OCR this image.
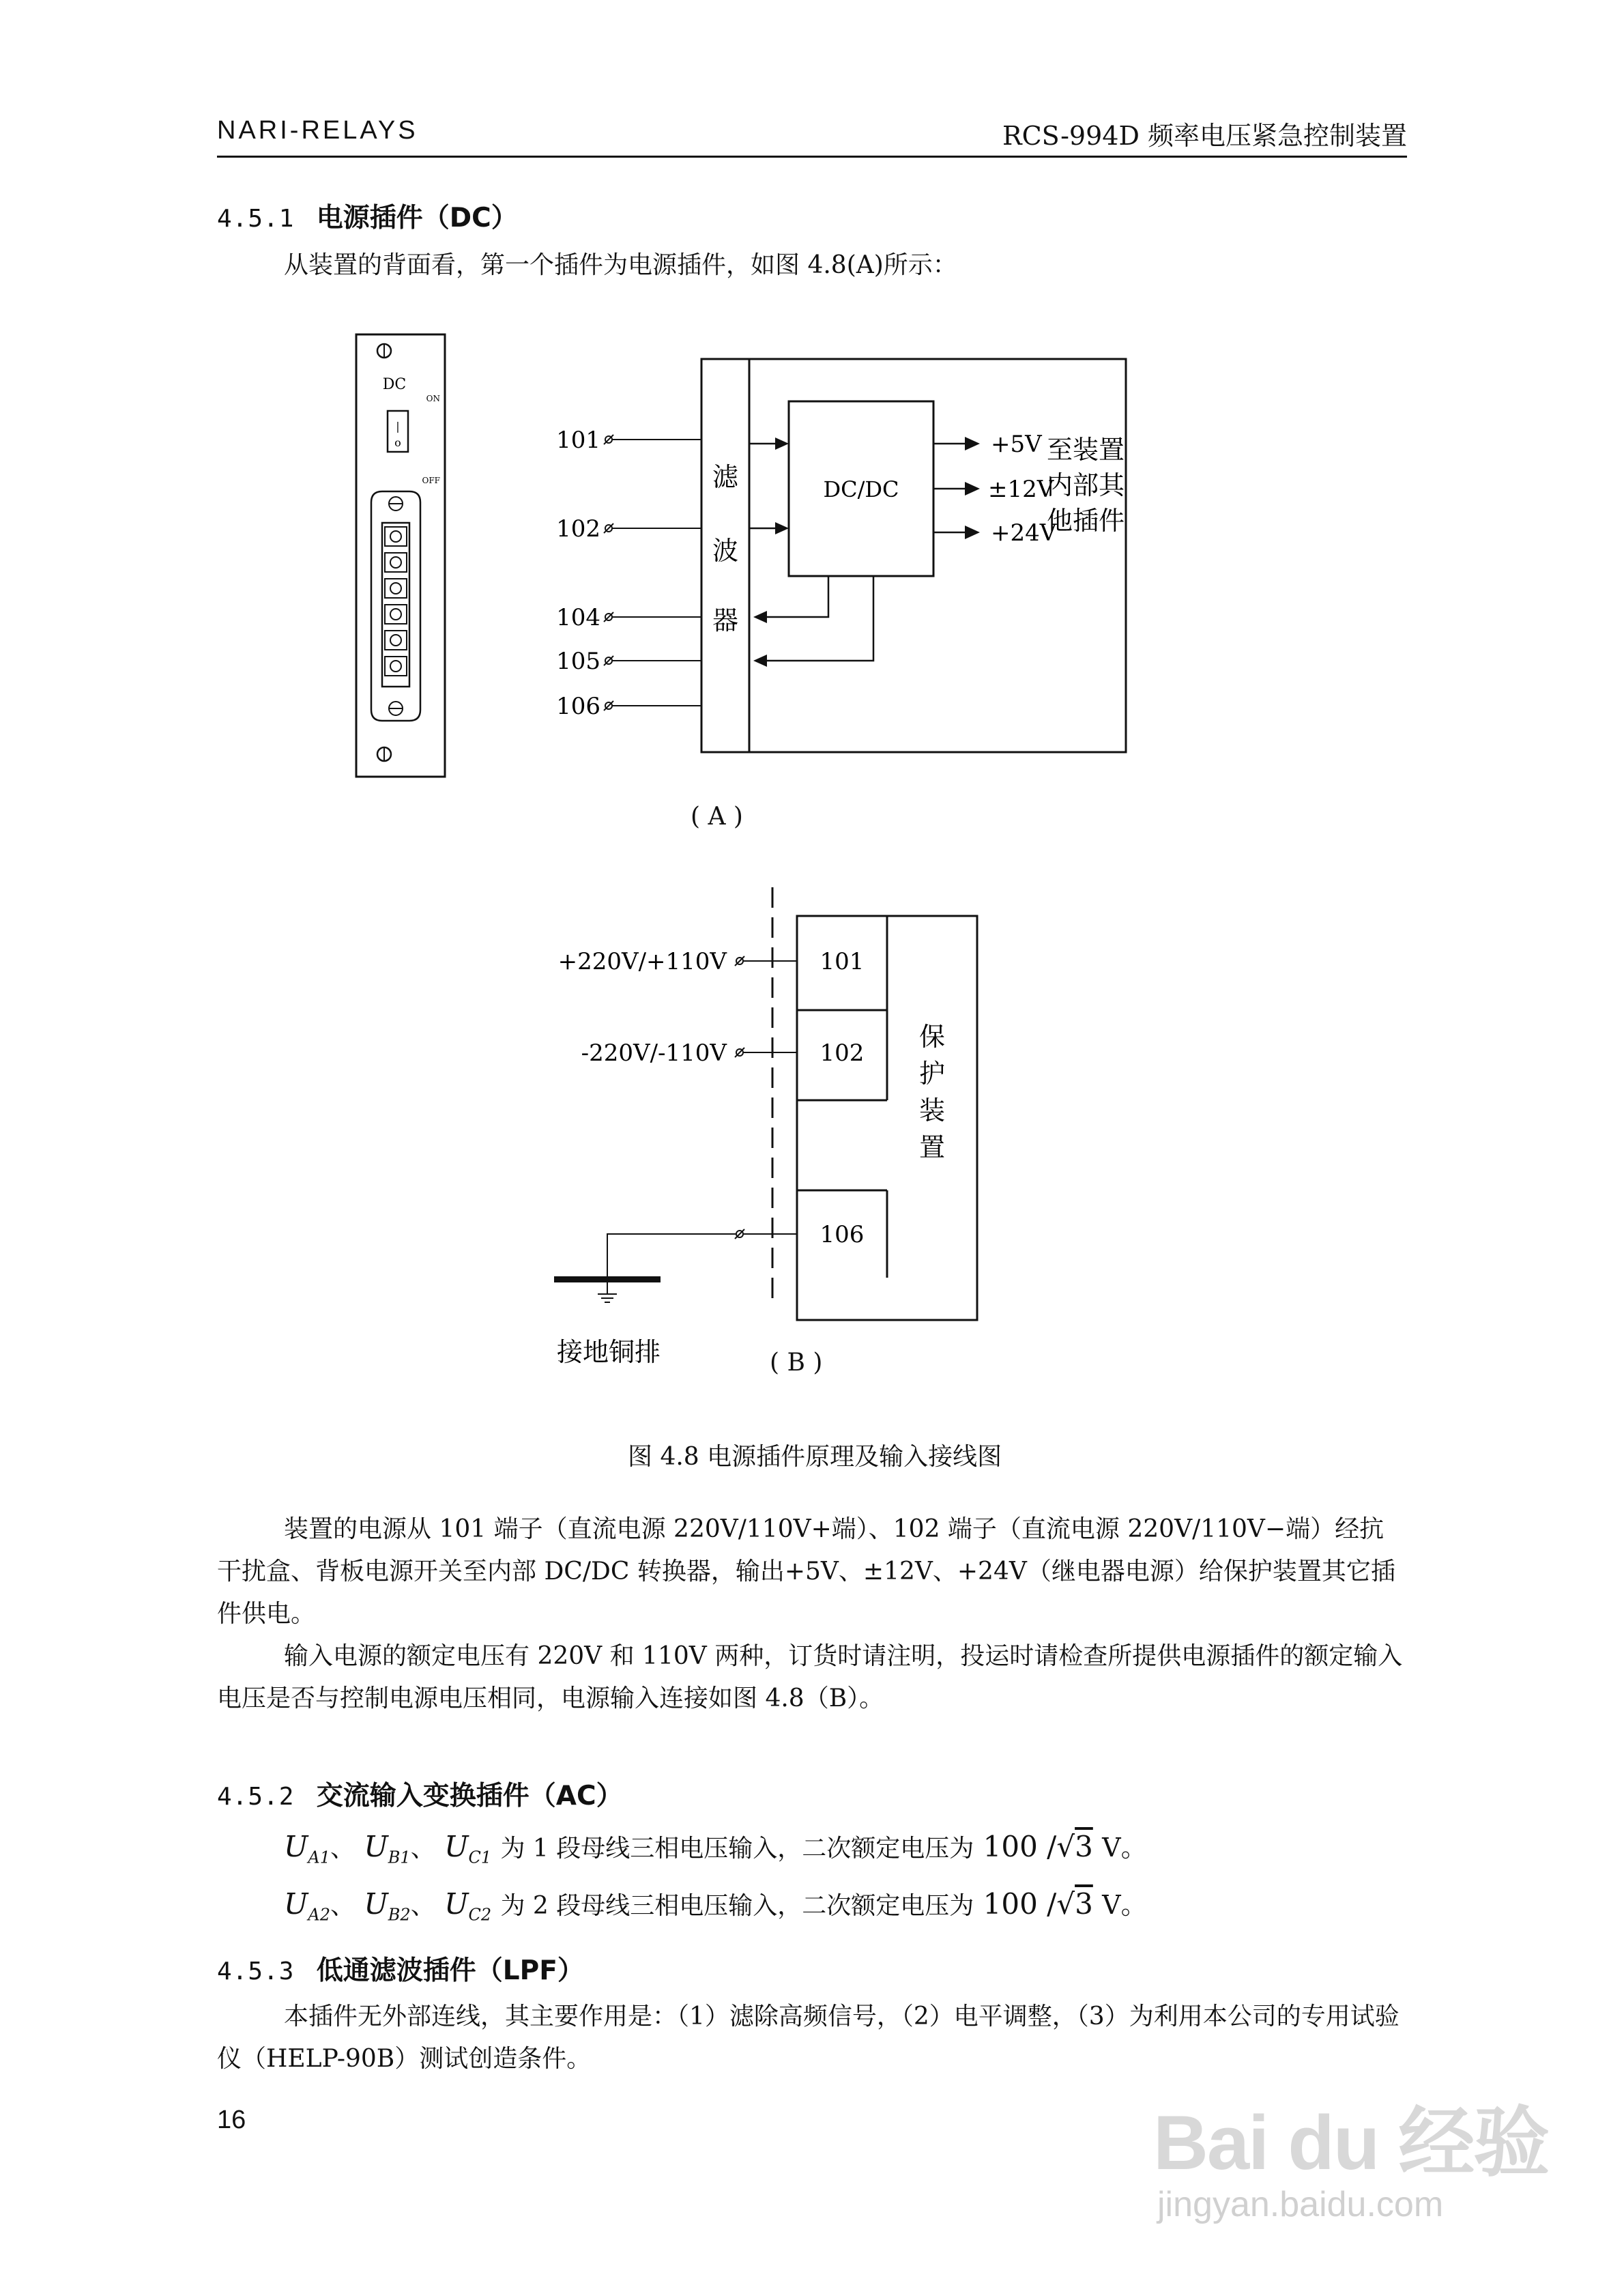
NARI-RELAYS	RCS-994D 频率电压紧急控制装置
4.5.1 电源插件（DC）
从装置的背面看，第一个插件为电源插件，如图 4.8(A)所示：
DC
ON
|
o
OFF	滤
波
器
DC/DC
101
102
104
105
106
+5V
±12V
+24V
至装置
内部其
他插件
( A )
101
102
106
保
护
装
置
+220V/+110V
-220V/-110V
接地铜排	( B )
图 4.8 电源插件原理及输入接线图

装置的电源从 101 端子（直流电源 220V/110V+端）、102 端子（直流电源 220V/110V−端）经抗干扰盒、背板电源开关至内部 DC/DC 转换器，输出+5V、±12V、+24V（继电器电源）给保护装置其它插件供电。

输入电源的额定电压有 220V 和 110V 两种，订货时请注明，投运时请检查所提供电源插件的额定输入电压是否与控制电源电压相同，电源输入连接如图 4.8（B）。

4.5.2 交流输入变换插件（AC）
$U_{A1}$、 $U_{B1}$、 $U_{C1}$ 为 1 段母线三相电压输入，二次额定电压为 100 /√3 V。
$U_{A2}$、 $U_{B2}$、 $U_{C2}$ 为 2 段母线三相电压输入，二次额定电压为 100 /√3 V。
4.5.3 低通滤波插件（LPF）

本插件无外部连线，其主要作用是：（1）滤除高频信号，（2）电平调整，（3）为利用本公司的专用试验仪（HELP-90B）测试创造条件。

16	Bai du 经验
jingyan.baidu.com
